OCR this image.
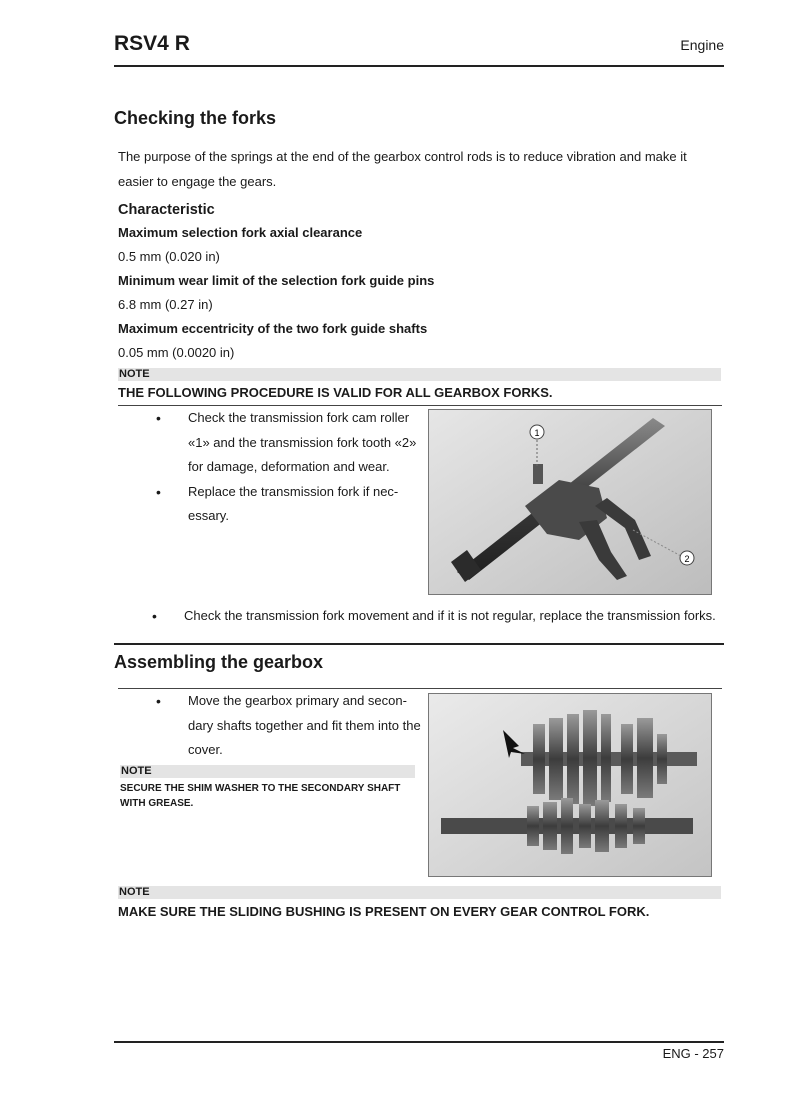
RSV4 R	Engine
Checking the forks
The purpose of the springs at the end of the gearbox control rods is to reduce vibration and make it easier to engage the gears.
Characteristic
Maximum selection fork axial clearance
0.5 mm (0.020 in)
Minimum wear limit of the selection fork guide pins
6.8 mm (0.27 in)
Maximum eccentricity of the two fork guide shafts
0.05 mm (0.0020 in)
NOTE
THE FOLLOWING PROCEDURE IS VALID FOR ALL GEARBOX FORKS.
• Check the transmission fork cam roller «1» and the transmission fork tooth «2» for damage, deformation and wear.
• Replace the transmission fork if nec-essary.
1
2
• Check the transmission fork movement and if it is not regular, replace the transmission forks.
Assembling the gearbox
• Move the gearbox primary and secon-dary shafts together and fit them into the cover.
NOTE
SECURE THE SHIM WASHER TO THE SECONDARY SHAFT WITH GREASE.
NOTE
MAKE SURE THE SLIDING BUSHING IS PRESENT ON EVERY GEAR CONTROL FORK.
ENG - 257
